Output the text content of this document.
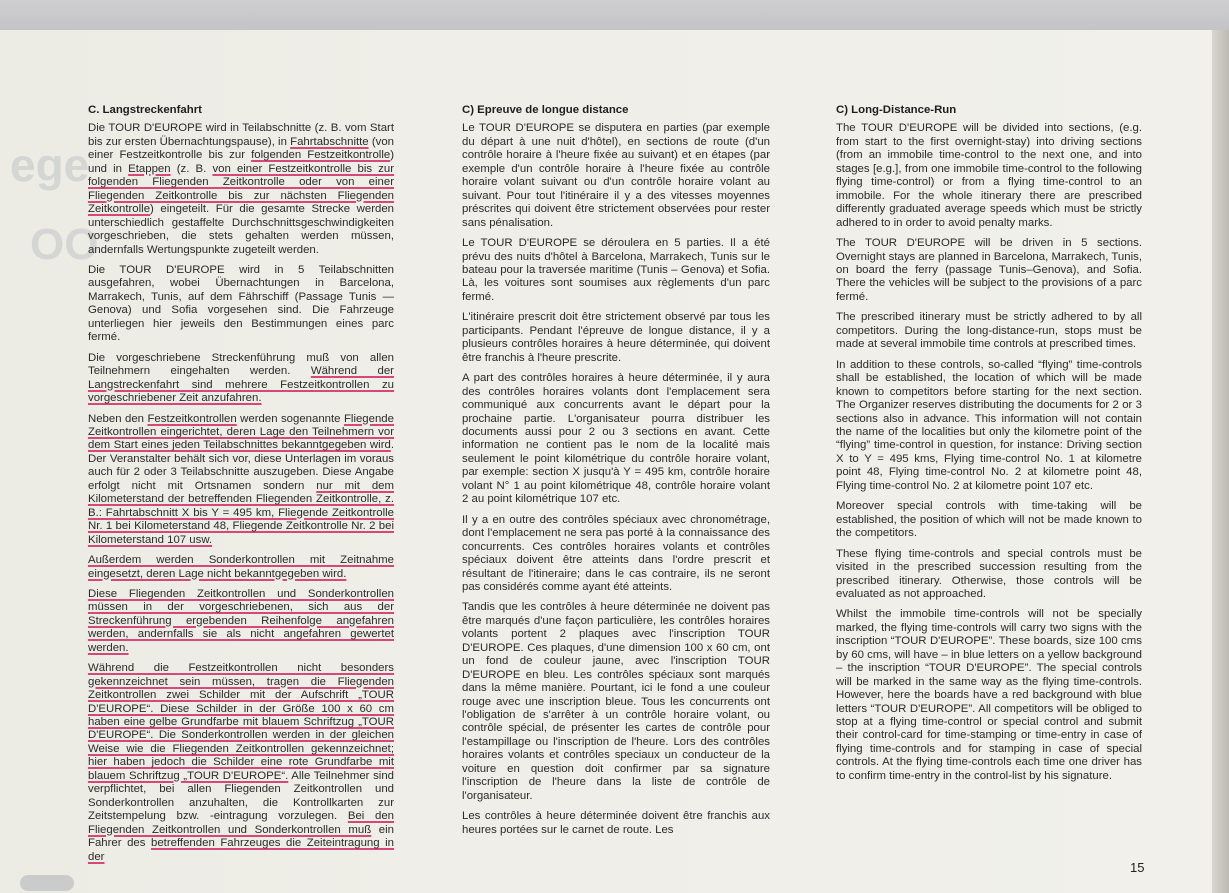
ege
OO
C. Langstreckenfahrt

Die TOUR D'EUROPE wird in Teilabschnitte (z. B. vom Start bis zur ersten Übernachtungspause), in Fahrtabschnitte (von einer Festzeitkontrolle bis zur folgenden Festzeitkontrolle) und in Etappen (z. B. von einer Festzeitkontrolle bis zur folgenden Fliegenden Zeitkontrolle oder von einer Fliegenden Zeitkontrolle bis zur nächsten Fliegenden Zeitkontrolle) eingeteilt. Für die gesamte Strecke werden unterschiedlich gestaffelte Durchschnittsgeschwindigkeiten vorgeschrieben, die stets gehalten werden müssen, andernfalls Wertungspunkte zugeteilt werden.

Die TOUR D'EUROPE wird in 5 Teilabschnitten ausgefahren, wobei Übernachtungen in Barcelona, Marrakech, Tunis, auf dem Fährschiff (Passage Tunis — Genova) und Sofia vorgesehen sind. Die Fahrzeuge unterliegen hier jeweils den Bestimmungen eines parc fermé.

Die vorgeschriebene Streckenführung muß von allen Teilnehmern eingehalten werden. Während der Langstreckenfahrt sind mehrere Festzeitkontrollen zu vorgeschriebener Zeit anzufahren.

Neben den Festzeitkontrollen werden sogenannte Fliegende Zeitkontrollen eingerichtet, deren Lage den Teilnehmern vor dem Start eines jeden Teilabschnittes bekanntgegeben wird. Der Veranstalter behält sich vor, diese Unterlagen im voraus auch für 2 oder 3 Teilabschnitte auszugeben. Diese Angabe erfolgt nicht mit Ortsnamen sondern nur mit dem Kilometerstand der betreffenden Fliegenden Zeitkontrolle, z. B.: Fahrtabschnitt X bis Y = 495 km, Fliegende Zeitkontrolle Nr. 1 bei Kilometerstand 48, Fliegende Zeitkontrolle Nr. 2 bei Kilometerstand 107 usw.

Außerdem werden Sonderkontrollen mit Zeitnahme eingesetzt, deren Lage nicht bekanntgegeben wird.

Diese Fliegenden Zeitkontrollen und Sonderkontrollen müssen in der vorgeschriebenen, sich aus der Streckenführung ergebenden Reihenfolge angefahren werden, andernfalls sie als nicht angefahren gewertet werden.

Während die Festzeitkontrollen nicht besonders gekennzeichnet sein müssen, tragen die Fliegenden Zeitkontrollen zwei Schilder mit der Aufschrift „TOUR D'EUROPE“. Diese Schilder in der Größe 100 x 60 cm haben eine gelbe Grundfarbe mit blauem Schriftzug „TOUR D'EUROPE“. Die Sonderkontrollen werden in der gleichen Weise wie die Fliegenden Zeitkontrollen gekennzeichnet; hier haben jedoch die Schilder eine rote Grundfarbe mit blauem Schriftzug „TOUR D'EUROPE“. Alle Teilnehmer sind verpflichtet, bei allen Fliegenden Zeitkontrollen und Sonderkontrollen anzuhalten, die Kontrollkarten zur Zeitstempelung bzw. -eintragung vorzulegen. Bei den Fliegenden Zeitkontrollen und Sonderkontrollen muß ein Fahrer des betreffenden Fahrzeuges die Zeiteintragung in der

C) Epreuve de longue distance

Le TOUR D'EUROPE se disputera en parties (par exemple du départ à une nuit d'hôtel), en sections de route (d'un contrôle horaire à l'heure fixée au suivant) et en étapes (par exemple d'un contrôle horaire à l'heure fixée au contrôle horaire volant suivant ou d'un contrôle horaire volant au suivant. Pour tout l'itinéraire il y a des vitesses moyennes préscrites qui doivent être strictement observées pour rester sans pénalisation.

Le TOUR D'EUROPE se déroulera en 5 parties. Il a été prévu des nuits d'hôtel à Barcelona, Marrakech, Tunis sur le bateau pour la traversée maritime (Tunis – Genova) et Sofia. Là, les voitures sont soumises aux règlements d'un parc fermé.

L'itinéraire prescrit doit être strictement observé par tous les participants. Pendant l'épreuve de longue distance, il y a plusieurs contrôles horaires à heure déterminée, qui doivent être franchis à l'heure prescrite.

A part des contrôles horaires à heure déterminée, il y aura des contrôles horaires volants dont l'emplacement sera communiqué aux concurrents avant le départ pour la prochaine partie. L'organisateur pourra distribuer les documents aussi pour 2 ou 3 sections en avant. Cette information ne contient pas le nom de la localité mais seulement le point kilométrique du contrôle horaire volant, par exemple: section X jusqu'à Y = 495 km, contrôle horaire volant N° 1 au point kilométrique 48, contrôle horaire volant 2 au point kilométrique 107 etc.

Il y a en outre des contrôles spéciaux avec chronométrage, dont l'emplacement ne sera pas porté à la connaissance des concurrents. Ces contrôles horaires volants et contrôles spéciaux doivent être atteints dans l'ordre prescrit et résultant de l'itineraire; dans le cas contraire, ils ne seront pas considérés comme ayant été atteints.

Tandis que les contrôles à heure déterminée ne doivent pas être marqués d'une façon particulière, les contrôles horaires volants portent 2 plaques avec l'inscription TOUR D'EUROPE. Ces plaques, d'une dimension 100 x 60 cm, ont un fond de couleur jaune, avec l'inscription TOUR D'EUROPE en bleu. Les contrôles spéciaux sont marqués dans la même manière. Pourtant, ici le fond a une couleur rouge avec une inscription bleue. Tous les concurrents ont l'obligation de s'arrêter à un contrôle horaire volant, ou contrôle spécial, de présenter les cartes de contrôle pour l'estampillage ou l'inscription de l'heure. Lors des contrôles horaires volants et contrôles speciaux un conducteur de la voiture en question doit confirmer par sa signature l'inscription de l'heure dans la liste de contrôle de l'organisateur.

Les contrôles à heure déterminée doivent être franchis aux heures portées sur le carnet de route. Les

C) Long-Distance-Run

The TOUR D'EUROPE will be divided into sections, (e.g. from start to the first overnight-stay) into driving sections (from an immobile time-control to the next one, and into stages [e.g.], from one immobile time-control to the following flying time-control) or from a flying time-control to an immobile. For the whole itinerary there are prescribed differently graduated average speeds which must be strictly adhered to in order to avoid penalty marks.

The TOUR D'EUROPE will be driven in 5 sections. Overnight stays are planned in Barcelona, Marrakech, Tunis, on board the ferry (passage Tunis–Genova), and Sofia. There the vehicles will be subject to the provisions of a parc fermé.

The prescribed itinerary must be strictly adhered to by all competitors. During the long-distance-run, stops must be made at several immobile time controls at prescribed times.

In addition to these controls, so-called “flying” time-controls shall be established, the location of which will be made known to competitors before starting for the next section. The Organizer reserves distributing the documents for 2 or 3 sections also in advance. This information will not contain the name of the localities but only the kilometre point of the “flying” time-control in question, for instance: Driving section X to Y = 495 kms, Flying time-control No. 1 at kilometre point 48, Flying time-control No. 2 at kilometre point 48, Flying time-control No. 2 at kilometre point 107 etc.

Moreover special controls with time-taking will be established, the position of which will not be made known to the competitors.

These flying time-controls and special controls must be visited in the prescribed succession resulting from the prescribed itinerary. Otherwise, those controls will be evaluated as not approached.

Whilst the immobile time-controls will not be specially marked, the flying time-controls will carry two signs with the inscription “TOUR D'EUROPE”. These boards, size 100 cms by 60 cms, will have – in blue letters on a yellow background – the inscription “TOUR D'EUROPE”. The special controls will be marked in the same way as the flying time-controls. However, here the boards have a red background with blue letters “TOUR D'EUROPE”. All competitors will be obliged to stop at a flying time-control or special control and submit their control-card for time-stamping or time-entry in case of flying time-controls and for stamping in case of special controls. At the flying time-controls each time one driver has to confirm time-entry in the control-list by his signature.

15
